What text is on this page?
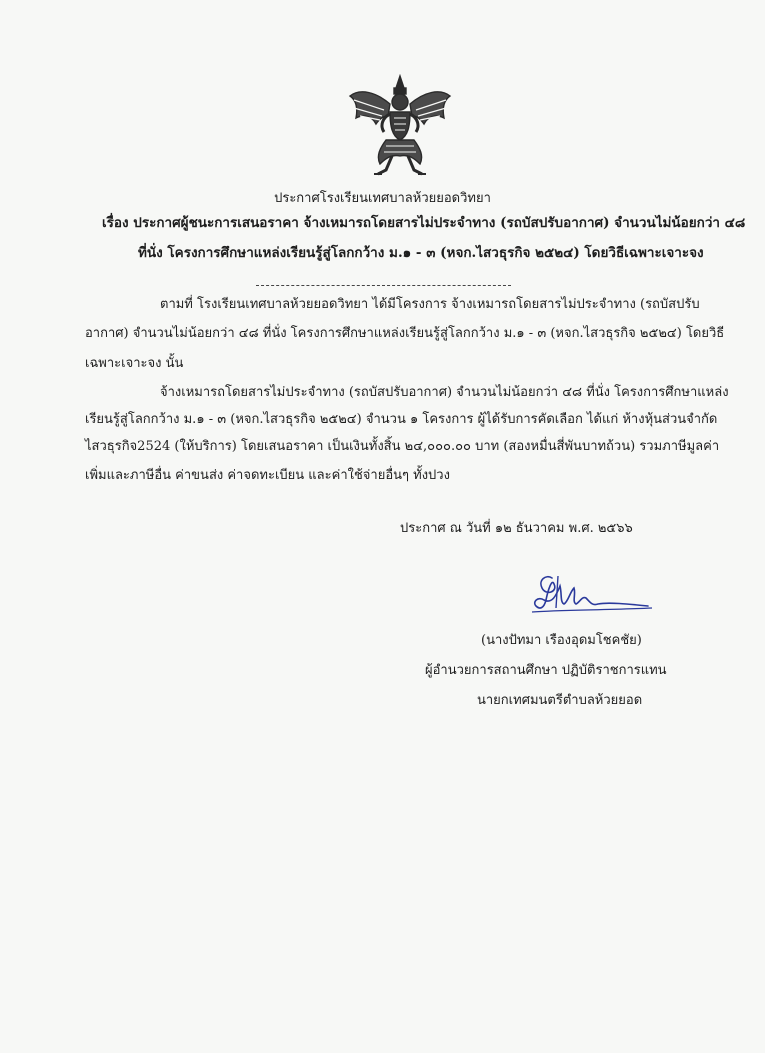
ประกาศโรงเรียนเทศบาลห้วยยอดวิทยา
เรื่อง ประกาศผู้ชนะการเสนอราคา จ้างเหมารถโดยสารไม่ประจำทาง (รถบัสปรับอากาศ) จำนวนไม่น้อยกว่า ๔๘
ที่นั่ง โครงการศึกษาแหล่งเรียนรู้สู่โลกกว้าง ม.๑ - ๓ (หจก.ไสวธุรกิจ ๒๕๒๔) โดยวิธีเฉพาะเจาะจง
ตามที่ โรงเรียนเทศบาลห้วยยอดวิทยา ได้มีโครงการ จ้างเหมารถโดยสารไม่ประจำทาง (รถบัสปรับ
อากาศ) จำนวนไม่น้อยกว่า ๔๘ ที่นั่ง โครงการศึกษาแหล่งเรียนรู้สู่โลกกว้าง ม.๑ - ๓ (หจก.ไสวธุรกิจ ๒๕๒๔) โดยวิธี
เฉพาะเจาะจง นั้น
จ้างเหมารถโดยสารไม่ประจำทาง (รถบัสปรับอากาศ) จำนวนไม่น้อยกว่า ๔๘ ที่นั่ง โครงการศึกษาแหล่ง
เรียนรู้สู่โลกกว้าง ม.๑ - ๓ (หจก.ไสวธุรกิจ ๒๕๒๔) จำนวน ๑ โครงการ ผู้ได้รับการคัดเลือก ได้แก่ ห้างหุ้นส่วนจำกัด
ไสวธุรกิจ2524 (ให้บริการ) โดยเสนอราคา เป็นเงินทั้งสิ้น ๒๔,๐๐๐.๐๐ บาท (สองหมื่นสี่พันบาทถ้วน) รวมภาษีมูลค่า
เพิ่มและภาษีอื่น ค่าขนส่ง ค่าจดทะเบียน และค่าใช้จ่ายอื่นๆ ทั้งปวง
ประกาศ ณ วันที่ ๑๒ ธันวาคม พ.ศ. ๒๕๖๖
(นางปัทมา เรืองอุดมโชคชัย)
ผู้อำนวยการสถานศึกษา ปฏิบัติราชการแทน
นายกเทศมนตรีตำบลห้วยยอด
